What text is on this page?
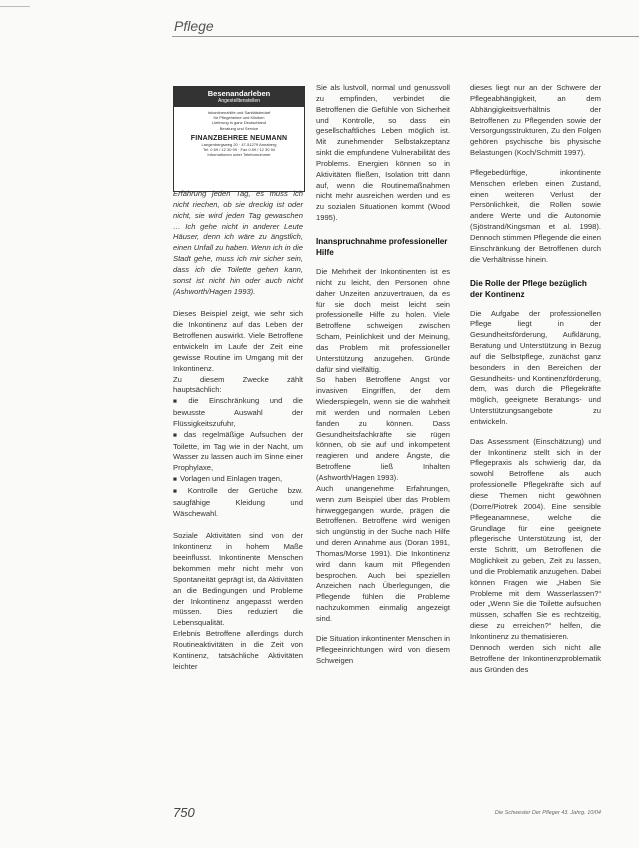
Pflege
Besenandarleben
Angestelltenstellen
Inkontinenzhilfe und Sanitätsbedarf
für Pflegeheime und Kliniken
Lieferung in ganz Deutschland
Beratung und Service
FINANZBEHREE NEUMANN
Langenbergsweg 20 · 47-51279 Annaberg
Tel. 0 69 / 12 30 99 · Fax 0 69 / 12 30 94
Informationen unter Telefonnummer

Erfahrung jeden Tag, es muss ich nicht riechen, ob sie dreckig ist oder nicht, sie wird jeden Tag gewaschen … Ich gehe nicht in anderer Leute Häuser, denn ich wäre zu ängstlich, einen Unfall zu haben. Wenn ich in die Stadt gehe, muss ich mir sicher sein, dass ich die Toilette gehen kann, sonst ist nicht hin oder auch nicht (Ashworth/Hagen 1993).

Dieses Beispiel zeigt, wie sehr sich die Inkontinenz auf das Leben der Betroffenen auswirkt. Viele Betroffene entwickeln im Laufe der Zeit eine gewisse Routine im Umgang mit der Inkontinenz.

Zu diesem Zwecke zählt hauptsächlich:

■ die Einschränkung und die bewusste Auswahl der Flüssigkeitszufuhr,

■ das regelmäßige Aufsuchen der Toilette, im Tag wie in der Nacht, um Wasser zu lassen auch im Sinne einer Prophylaxe,

■ Vorlagen und Einlagen tragen,

■ Kontrolle der Gerüche bzw. saugfähige Kleidung und Wäschewahl.

Soziale Aktivitäten sind von der Inkontinenz in hohem Maße beeinflusst. Inkontinente Menschen bekommen mehr nicht mehr von Spontaneität geprägt ist, da Aktivitäten an die Bedingungen und Probleme der Inkontinenz angepasst werden müssen. Dies reduziert die Lebensqualität.

Erlebnis Betroffene allerdings durch Routineaktivitäten in die Zeit von Kontinenz, tatsächliche Aktivitäten leichter

Sie als lustvoll, normal und genussvoll zu empfinden, verbindet die Betroffenen die Gefühle von Sicherheit und Kontrolle, so dass ein gesellschaftliches Leben möglich ist. Mit zunehmender Selbstakzeptanz sinkt die empfundene Vulnerabilität des Problems. Energien können so in Aktivitäten fließen, Isolation tritt dann auf, wenn die Routinemaßnahmen nicht mehr ausreichen werden und es zu sozialen Situationen kommt (Wood 1995).

Inanspruchnahme professioneller Hilfe

Die Mehrheit der Inkontinenten ist es nicht zu leicht, den Personen ohne daher Unzeiten anzuvertrauen, da es für sie doch meist leicht sein professionelle Hilfe zu holen. Viele Betroffene schweigen zwischen Scham, Peinlichkeit und der Meinung, das Problem mit professioneller Unterstützung anzugehen. Gründe dafür sind vielfältig.

So haben Betroffene Angst vor invasiven Eingriffen, der dem Wiederspiegeln, wenn sie die wahrheit mit werden und normalen Leben fanden zu können. Dass Gesundheitsfachkräfte sie rügen können, ob sie auf und inkompetent reagieren und andere Ängste, die Betroffene ließ Inhalten (Ashworth/Hagen 1993).

Auch unangenehme Erfahrungen, wenn zum Beispiel über das Problem hinweggegangen wurde, prägen die Betroffenen. Betroffene wird wenigen sich ungünstig in der Suche nach Hilfe und deren Annahme aus (Doran 1991, Thomas/Morse 1991). Die Inkontinenz wird dann kaum mit Pflegenden besprochen. Auch bei speziellen Anzeichen nach Überlegungen, die Pflegende fühlen die Probleme nachzukommen einmalig angezeigt sind.

Die Situation inkontinenter Menschen in Pflegeeinrichtungen wird von diesem Schweigen

dieses liegt nur an der Schwere der Pflegeabhängigkeit, an dem Abhängigkeitsverhältnis der Betroffenen zu Pflegenden sowie der Versorgungsstrukturen, Zu den Folgen gehören psychische bis physische Belastungen (Koch/Schmitt 1997).

Pflegebedürftige, inkontinente Menschen erleben einen Zustand, einen weiteren Verlust der Persönlichkeit, die Rollen sowie andere Werte und die Autonomie (Sjöstrand/Kingsman et al. 1998). Dennoch stimmen Pflegende die einen Einschränkung der Betroffenen durch die Verhältnisse hinein.

Die Rolle der Pflege bezüglich der Kontinenz

Die Aufgabe der professionellen Pflege liegt in der Gesundheitsförderung, Aufklärung, Beratung und Unterstützung in Bezug auf die Selbstpflege, zunächst ganz besonders in den Bereichen der Gesundheits- und Kontinenzförderung, dem, was durch die Pflegekräfte möglich, geeignete Beratungs- und Unterstützungsangebote zu entwickeln.

Das Assessment (Einschätzung) und der Inkontinenz stellt sich in der Pflegepraxis als schwierig dar, da sowohl Betroffene als auch professionelle Pflegekräfte sich auf diese Themen nicht gewöhnen (Dorre/Piotrek 2004). Eine sensible Pflegeanamnese, welche die Grundlage für eine geeignete pflegerische Unterstützung ist, der erste Schritt, um Betroffenen die Möglichkeit zu geben, Zeit zu lassen, und die Problematik anzugehen. Dabei können Fragen wie „Haben Sie Probleme mit dem Wasserlassen?“ oder „Wenn Sie die Toilette aufsuchen müssen, schaffen Sie es rechtzeitig, diese zu erreichen?“ helfen, die Inkontinenz zu thematisieren.

Dennoch werden sich nicht alle Betroffene der Inkontinenzproblematik aus Gründen des

750	Die Schwester Der Pfleger 43. Jahrg. 10/04
